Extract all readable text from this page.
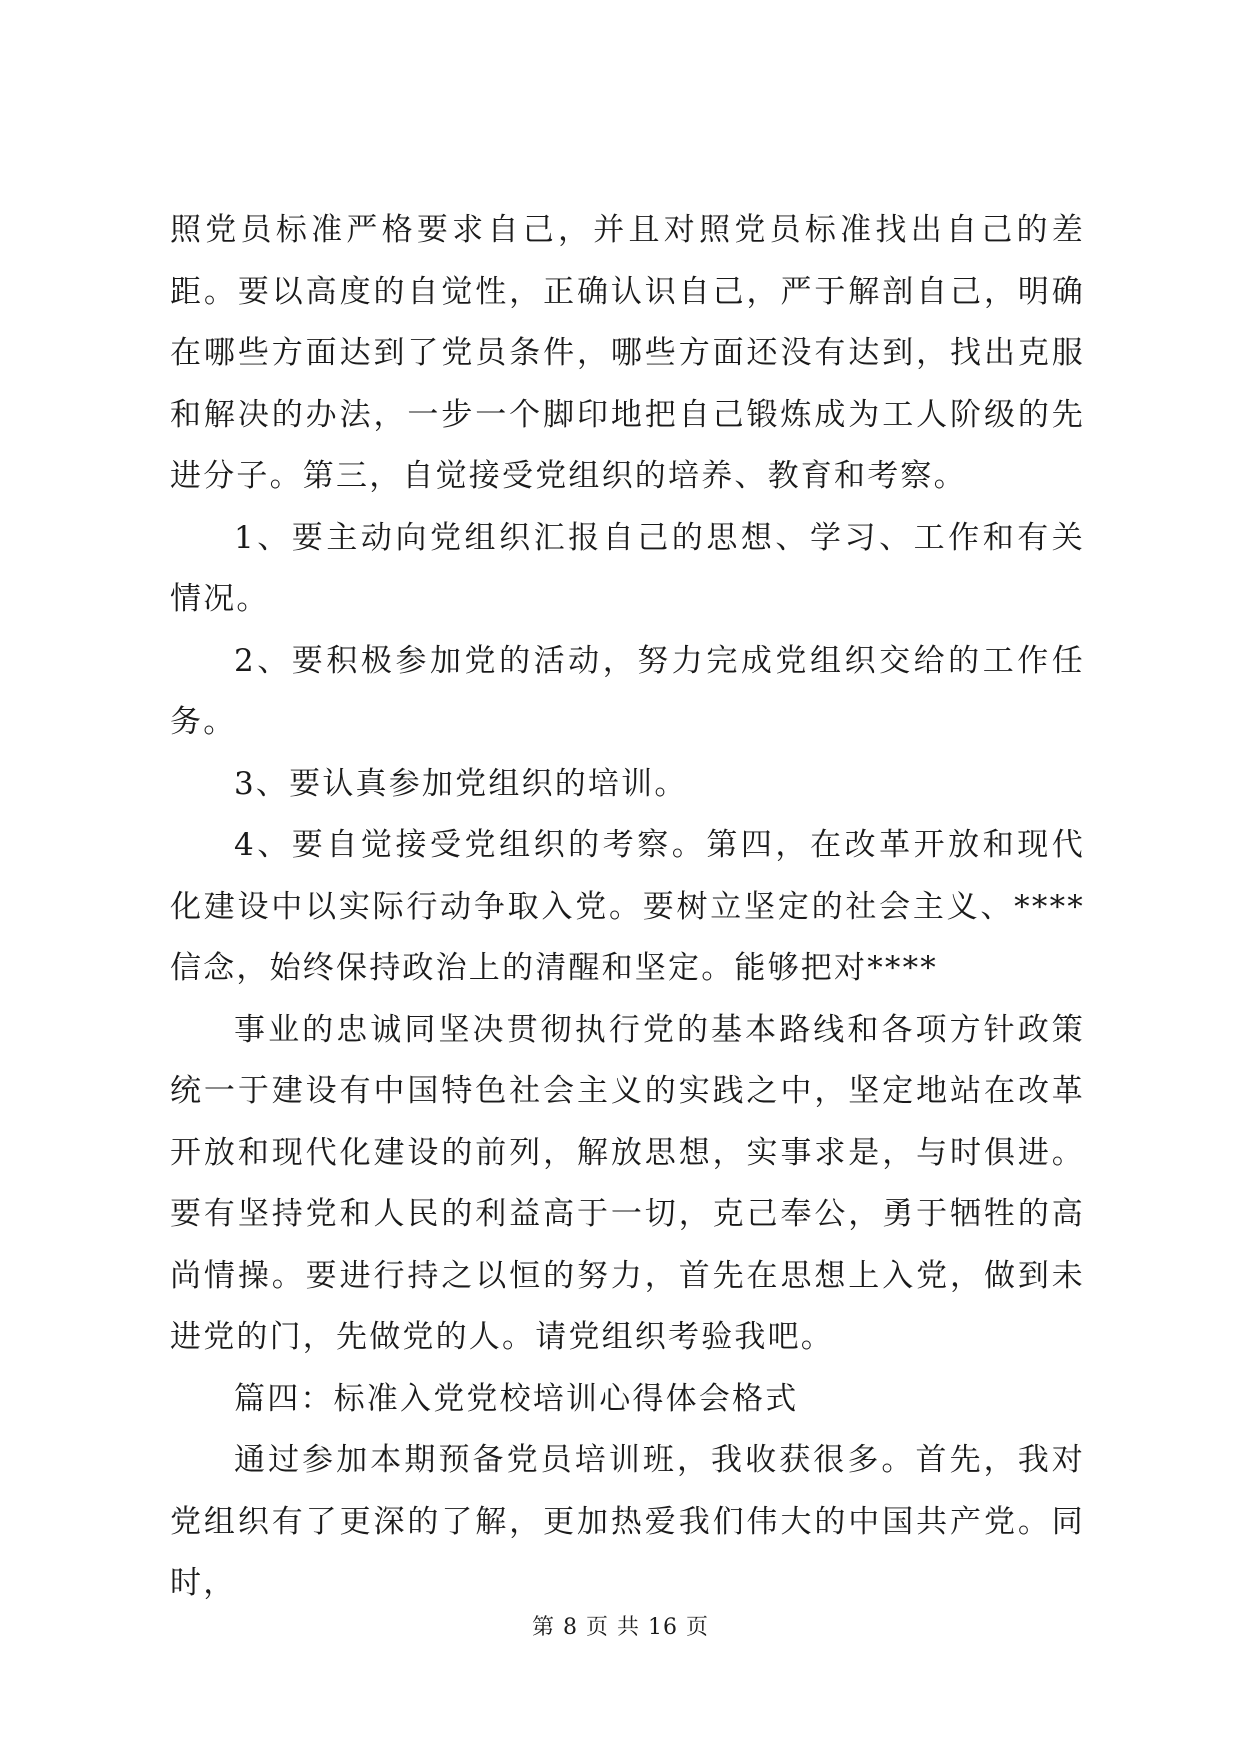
照党员标准严格要求自己，并且对照党员标准找出自己的差距。要以高度的自觉性，正确认识自己，严于解剖自己，明确在哪些方面达到了党员条件，哪些方面还没有达到，找出克服和解决的办法，一步一个脚印地把自己锻炼成为工人阶级的先进分子。第三，自觉接受党组织的培养、教育和考察。

1、要主动向党组织汇报自己的思想、学习、工作和有关情况。

2、要积极参加党的活动，努力完成党组织交给的工作任务。

3、要认真参加党组织的培训。

4、要自觉接受党组织的考察。第四，在改革开放和现代化建设中以实际行动争取入党。要树立坚定的社会主义、****信念，始终保持政治上的清醒和坚定。能够把对****

事业的忠诚同坚决贯彻执行党的基本路线和各项方针政策统一于建设有中国特色社会主义的实践之中，坚定地站在改革开放和现代化建设的前列，解放思想，实事求是，与时俱进。要有坚持党和人民的利益高于一切，克己奉公，勇于牺牲的高尚情操。要进行持之以恒的努力，首先在思想上入党，做到未进党的门，先做党的人。请党组织考验我吧。

篇四：标准入党党校培训心得体会格式

通过参加本期预备党员培训班，我收获很多。首先，我对党组织有了更深的了解，更加热爱我们伟大的中国共产党。同时，

第 8 页 共 16 页
